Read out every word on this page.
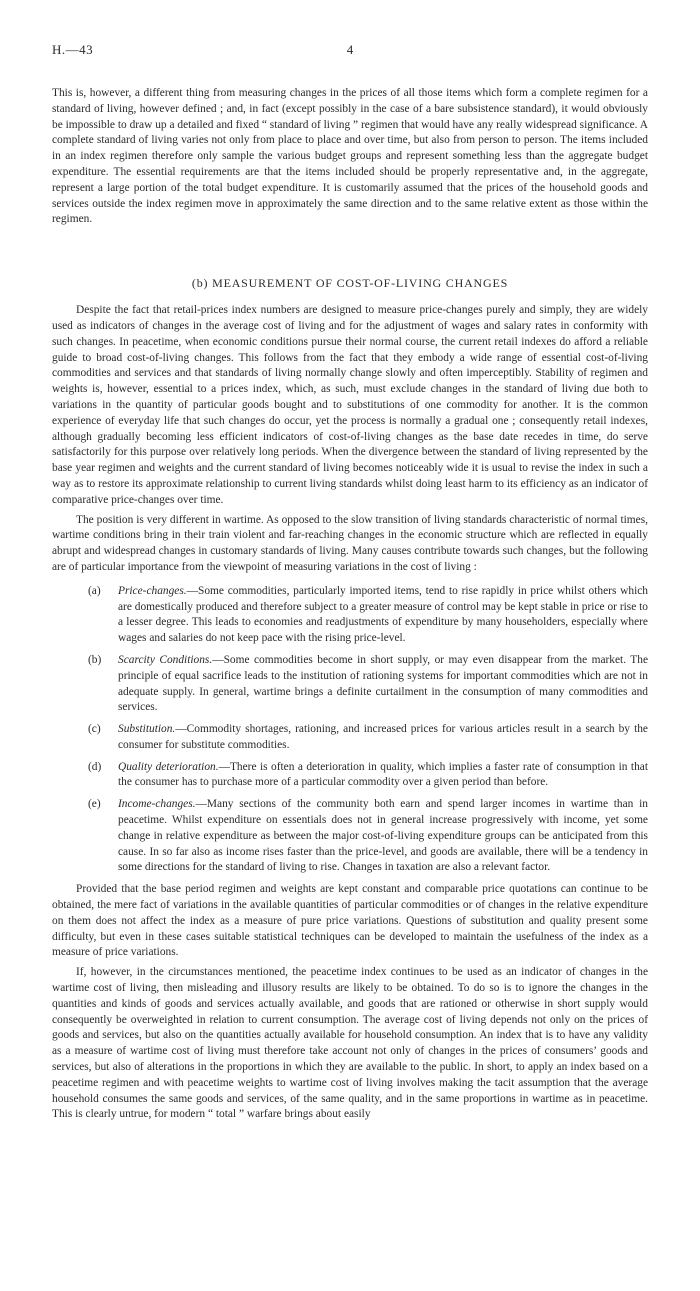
H.—43	4

This is, however, a different thing from measuring changes in the prices of all those items which form a complete regimen for a standard of living, however defined ; and, in fact (except possibly in the case of a bare subsistence standard), it would obviously be impossible to draw up a detailed and fixed “ standard of living ” regimen that would have any really widespread significance. A complete standard of living varies not only from place to place and over time, but also from person to person. The items included in an index regimen therefore only sample the various budget groups and represent something less than the aggregate budget expenditure. The essential requirements are that the items included should be properly representative and, in the aggregate, represent a large portion of the total budget expenditure. It is customarily assumed that the prices of the household goods and services outside the index regimen move in approximately the same direction and to the same relative extent as those within the regimen.

(b) MEASUREMENT OF COST-OF-LIVING CHANGES

Despite the fact that retail-prices index numbers are designed to measure price-changes purely and simply, they are widely used as indicators of changes in the average cost of living and for the adjustment of wages and salary rates in conformity with such changes. In peacetime, when economic conditions pursue their normal course, the current retail indexes do afford a reliable guide to broad cost-of-living changes. This follows from the fact that they embody a wide range of essential cost-of-living commodities and services and that standards of living normally change slowly and often imperceptibly. Stability of regimen and weights is, however, essential to a prices index, which, as such, must exclude changes in the standard of living due both to variations in the quantity of particular goods bought and to substitutions of one commodity for another. It is the common experience of everyday life that such changes do occur, yet the process is normally a gradual one ; consequently retail indexes, although gradually becoming less efficient indicators of cost-of-living changes as the base date recedes in time, do serve satisfactorily for this purpose over relatively long periods. When the divergence between the standard of living represented by the base year regimen and weights and the current standard of living becomes noticeably wide it is usual to revise the index in such a way as to restore its approximate relationship to current living standards whilst doing least harm to its efficiency as an indicator of comparative price-changes over time.

The position is very different in wartime. As opposed to the slow transition of living standards characteristic of normal times, wartime conditions bring in their train violent and far-reaching changes in the economic structure which are reflected in equally abrupt and widespread changes in customary standards of living. Many causes contribute towards such changes, but the following are of particular importance from the viewpoint of measuring variations in the cost of living :

(a)	Price-changes.—Some commodities, particularly imported items, tend to rise rapidly in price whilst others which are domestically produced and therefore subject to a greater measure of control may be kept stable in price or rise to a lesser degree. This leads to economies and readjustments of expenditure by many householders, especially where wages and salaries do not keep pace with the rising price-level.
(b)	Scarcity Conditions.—Some commodities become in short supply, or may even disappear from the market. The principle of equal sacrifice leads to the institution of rationing systems for important commodities which are not in adequate supply. In general, wartime brings a definite curtailment in the consumption of many commodities and services.
(c)	Substitution.—Commodity shortages, rationing, and increased prices for various articles result in a search by the consumer for substitute commodities.
(d)	Quality deterioration.—There is often a deterioration in quality, which implies a faster rate of consumption in that the consumer has to purchase more of a particular commodity over a given period than before.
(e)	Income-changes.—Many sections of the community both earn and spend larger incomes in wartime than in peacetime. Whilst expenditure on essentials does not in general increase progressively with income, yet some change in relative expenditure as between the major cost-of-living expenditure groups can be anticipated from this cause. In so far also as income rises faster than the price-level, and goods are available, there will be a tendency in some directions for the standard of living to rise. Changes in taxation are also a relevant factor.

Provided that the base period regimen and weights are kept constant and comparable price quotations can continue to be obtained, the mere fact of variations in the available quantities of particular commodities or of changes in the relative expenditure on them does not affect the index as a measure of pure price variations. Questions of substitution and quality present some difficulty, but even in these cases suitable statistical techniques can be developed to maintain the usefulness of the index as a measure of price variations.

If, however, in the circumstances mentioned, the peacetime index continues to be used as an indicator of changes in the wartime cost of living, then misleading and illusory results are likely to be obtained. To do so is to ignore the changes in the quantities and kinds of goods and services actually available, and goods that are rationed or otherwise in short supply would consequently be overweighted in relation to current consumption. The average cost of living depends not only on the prices of goods and services, but also on the quantities actually available for household consumption. An index that is to have any validity as a measure of wartime cost of living must therefore take account not only of changes in the prices of consumers’ goods and services, but also of alterations in the proportions in which they are available to the public. In short, to apply an index based on a peacetime regimen and with peacetime weights to wartime cost of living involves making the tacit assumption that the average household consumes the same goods and services, of the same quality, and in the same proportions in wartime as in peacetime. This is clearly untrue, for modern “ total ” warfare brings about easily
